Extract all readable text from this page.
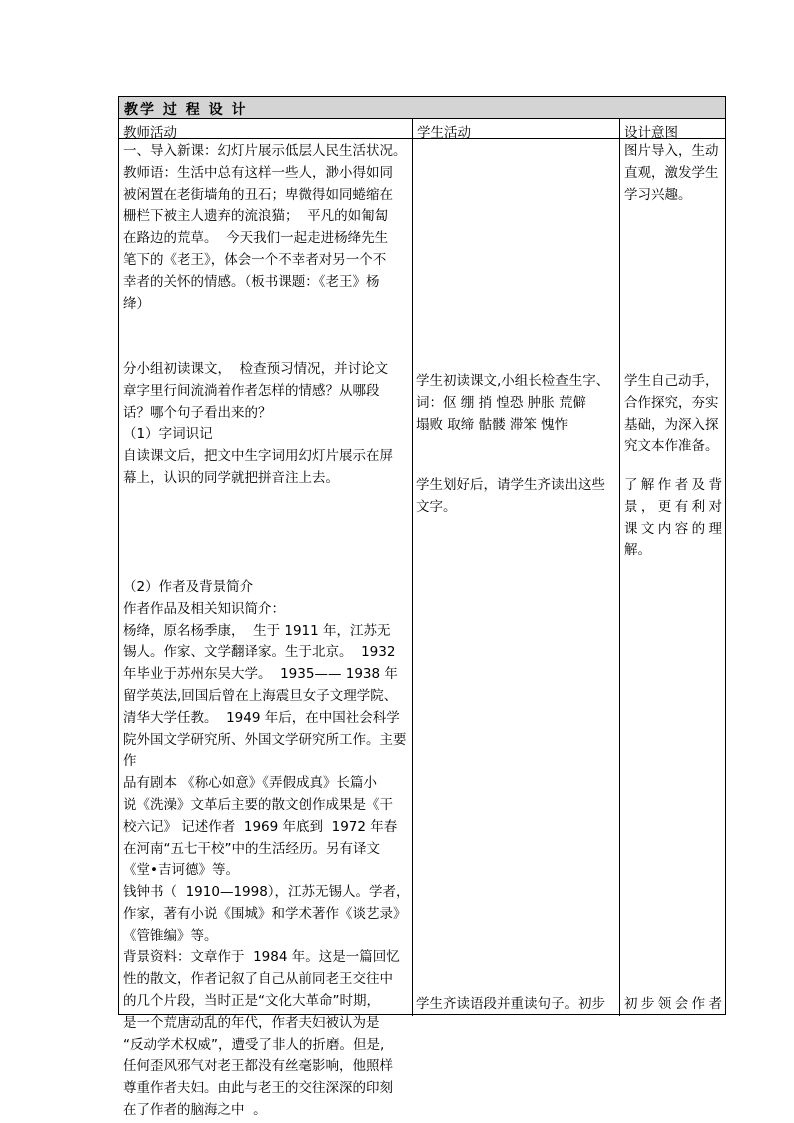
教学 过 程 设 计
教师活动	学生活动	设计意图

一、导入新课：幻灯片展示低层人民生活状况。

教师语：生活中总有这样一些人，渺小得如同

被闲置在老街墙角的丑石；卑微得如同蜷缩在

栅栏下被主人遗弃的流浪猫；  平凡的如匍匐

在路边的荒草。  今天我们一起走进杨绛先生

笔下的《老王》，体会一个不幸者对另一个不

幸者的关怀的情感。（板书课题：《老王》杨

绛）

分小组初读课文，  检查预习情况，并讨论文

章字里行间流淌着作者怎样的情感？从哪段

话？哪个句子看出来的？

（1）字词识记

自读课文后，把文中生字词用幻灯片展示在屏

幕上，认识的同学就把拼音注上去。

（2）作者及背景简介

作者作品及相关知识简介：

杨绛，原名杨季康，  生于 1911 年，江苏无

锡人。作家、文学翻译家。生于北京。  1932

年毕业于苏州东吴大学。  1935—— 1938 年

留学英法,回国后曾在上海震旦女子文理学院、

清华大学任教。  1949 年后，在中国社会科学

院外国文学研究所、外国文学研究所工作。主要作

品有剧本 《称心如意》《弄假成真》长篇小

说《洗澡》文革后主要的散文创作成果是《干

校六记》 记述作者  1969 年底到  1972 年春

在河南“五七干校”中的生活经历。另有译文

《堂•吉诃德》等。

钱钟书（  1910—1998），江苏无锡人。学者，

作家，著有小说《围城》和学术著作《谈艺录》

《管锥编》等。

背景资料：文章作于  1984 年。这是一篇回忆

性的散文，作者记叙了自己从前同老王交往中

的几个片段，当时正是“文化大革命”时期，

是一个荒唐动乱的年代，作者夫妇被认为是

“反动学术权威”，遭受了非人的折磨。但是,

任何歪风邪气对老王都没有丝毫影响，他照样

尊重作者夫妇。由此与老王的交往深深的印刻

在了作者的脑海之中  。

学生初读课文,小组长检查生字、

词：伛 绷 捎 惶恐 肿胀 荒僻

塌败 取缔 骷髅 滞笨 愧怍

学生划好后，请学生齐读出这些

文字。

学生齐读语段并重读句子。初步

图片导入，生动

直观，激发学生

学习兴趣。

学生自己动手，

合作探究，夯实

基础，为深入探

究文本作准备。

了解作者及背

景，更有利对

课文内容的理

解。

初步领会作者
